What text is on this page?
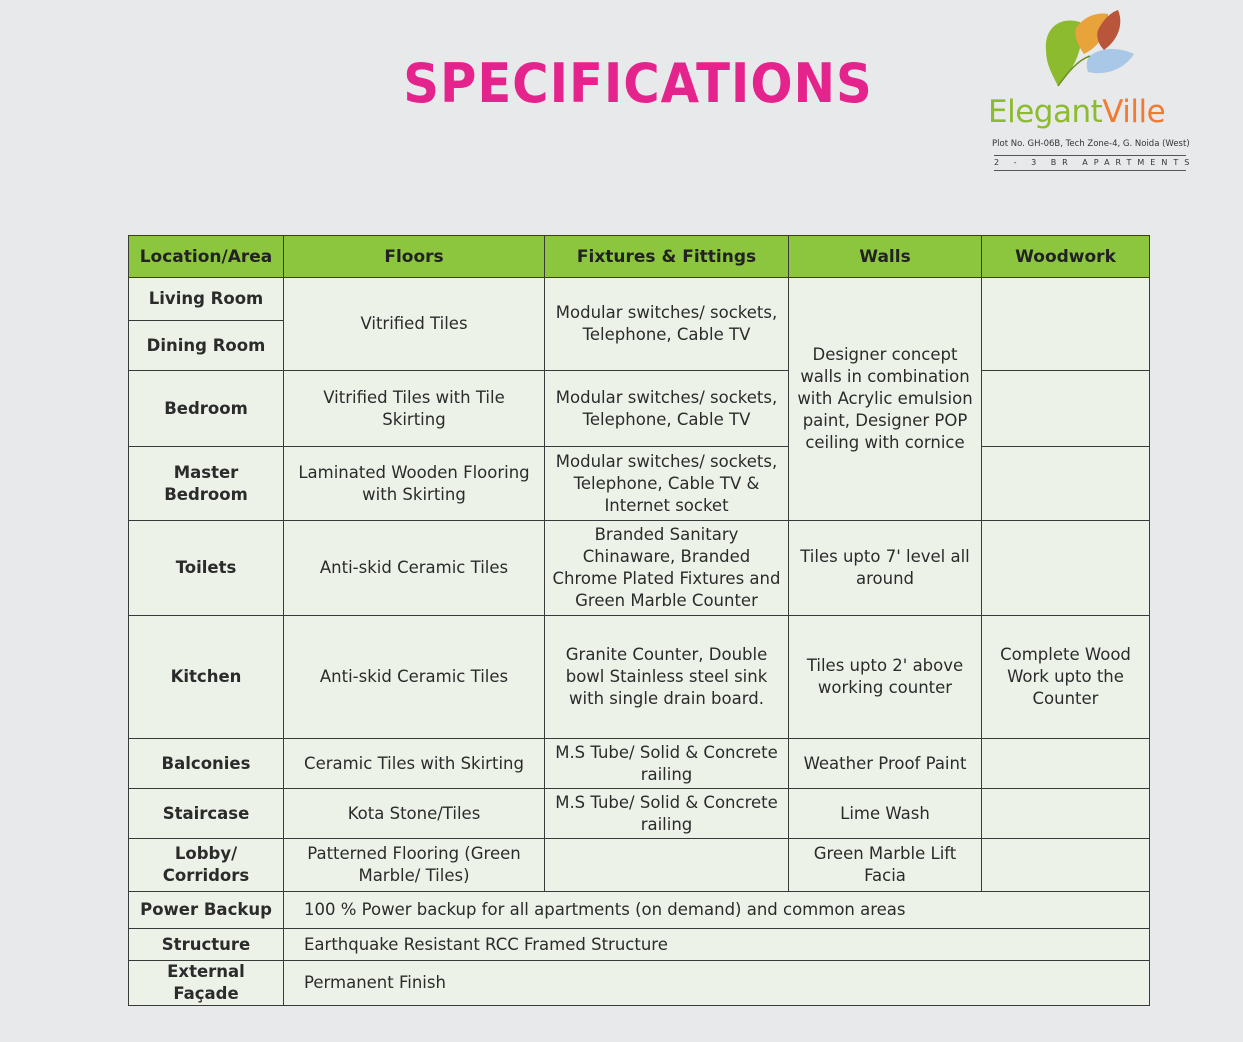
SPECIFICATIONS	ElegantVille
Plot No. GH-06B, Tech Zone-4, G. Noida (West)
2 - 3 BR APARTMENTS
Location/Area	Floors	Fixtures & Fittings	Walls	Woodwork
Living Room	Vitrified Tiles	Modular switches/ sockets, Telephone, Cable TV	Designer concept walls in combination with Acrylic emulsion paint, Designer POP ceiling with cornice	
Dining Room				
Bedroom	Vitrified Tiles with Tile Skirting	Modular switches/ sockets, Telephone, Cable TV		
Master Bedroom	Laminated Wooden Flooring with Skirting	Modular switches/ sockets, Telephone, Cable TV & Internet socket		
Toilets	Anti-skid Ceramic Tiles	Branded Sanitary Chinaware, Branded Chrome Plated Fixtures and Green Marble Counter	Tiles upto 7' level all around	
Kitchen	Anti-skid Ceramic Tiles	Granite Counter, Double bowl Stainless steel sink with single drain board.	Tiles upto 2' above working counter	Complete Wood Work upto the Counter
Balconies	Ceramic Tiles with Skirting	M.S Tube/ Solid & Concrete railing	Weather Proof Paint	
Staircase	Kota Stone/Tiles	M.S Tube/ Solid & Concrete railing	Lime Wash	
Lobby/ Corridors	Patterned Flooring (Green Marble/ Tiles)		Green Marble Lift Facia	
Power Backup	100 % Power backup for all apartments (on demand) and common areas			
Structure	Earthquake Resistant RCC Framed Structure			
External Façade	Permanent Finish			
